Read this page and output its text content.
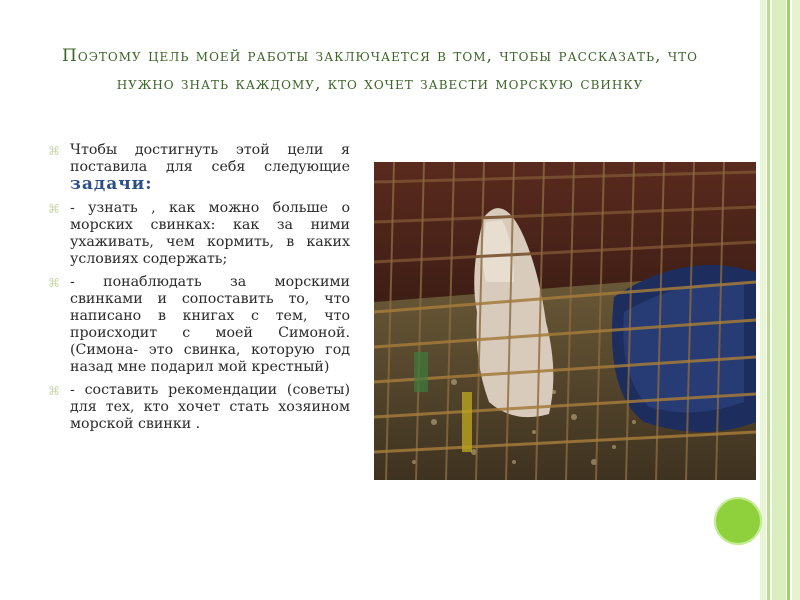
Поэтому цель моей работы заключается в том, чтобы рассказать, что нужно знать каждому, кто хочет завести морскую свинку
⌘ Чтобы достигнуть этой цели я поставила для себя следующие задачи:
⌘ - узнать , как можно больше о морских свинках: как за ними ухаживать, чем кормить, в каких условиях содержать;
⌘ - понаблюдать за морскими свинками и сопоставить то, что написано в книгах с тем, что происходит с моей Симоной. (Симона- это свинка, которую год назад мне подарил мой крестный)
⌘ - составить рекомендации (советы) для тех, кто хочет стать хозяином морской свинки .
